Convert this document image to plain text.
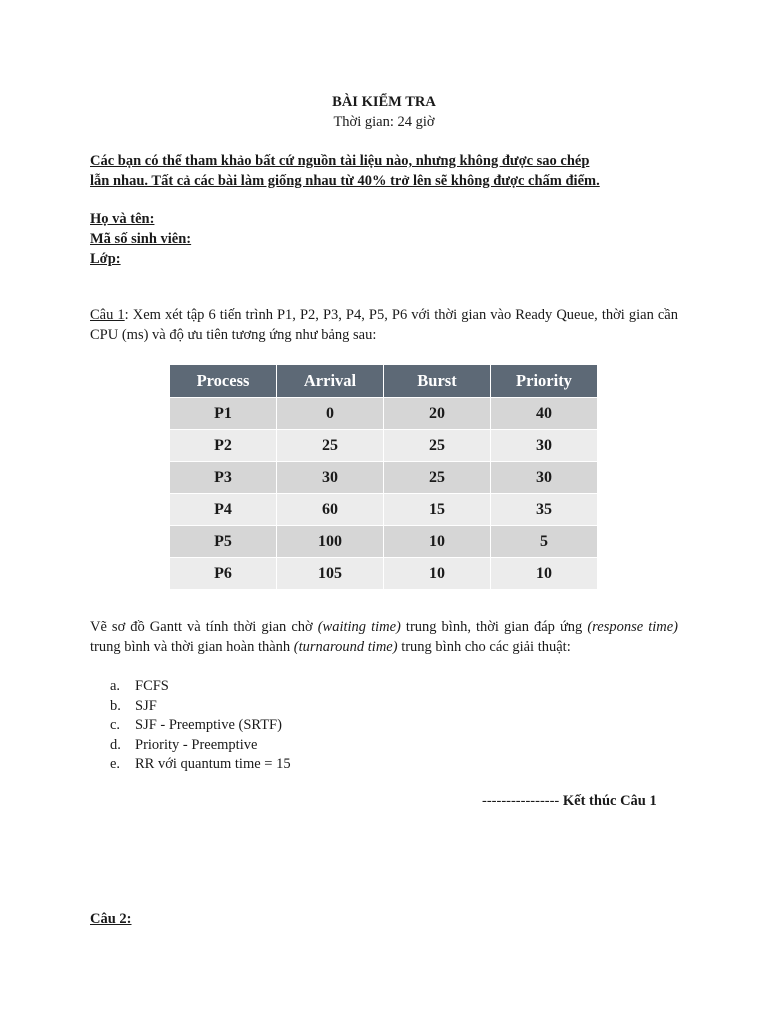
BÀI KIỂM TRA
Thời gian: 24 giờ

Các bạn có thể tham khảo bất cứ nguồn tài liệu nào, nhưng không được sao chép

lẫn nhau. Tất cả các bài làm giống nhau từ 40% trở lên sẽ không được chấm điểm.

Họ và tên:
Mã số sinh viên:
Lớp:

Câu 1: Xem xét tập 6 tiến trình P1, P2, P3, P4, P5, P6 với thời gian vào Ready Queue, thời gian cần CPU (ms) và độ ưu tiên tương ứng như bảng sau:

Process	Arrival	Burst	Priority
P1	0	20	40
P2	25	25	30
P3	30	25	30
P4	60	15	35
P5	100	10	5
P6	105	10	10

Vẽ sơ đồ Gantt và tính thời gian chờ (waiting time) trung bình, thời gian đáp ứng (response time) trung bình và thời gian hoàn thành (turnaround time) trung bình cho các giải thuật:

a. FCFS
b. SJF
c. SJF - Preemptive (SRTF)
d. Priority - Preemptive
e. RR với quantum time = 15
---------------- Kết thúc Câu 1
Câu 2:
